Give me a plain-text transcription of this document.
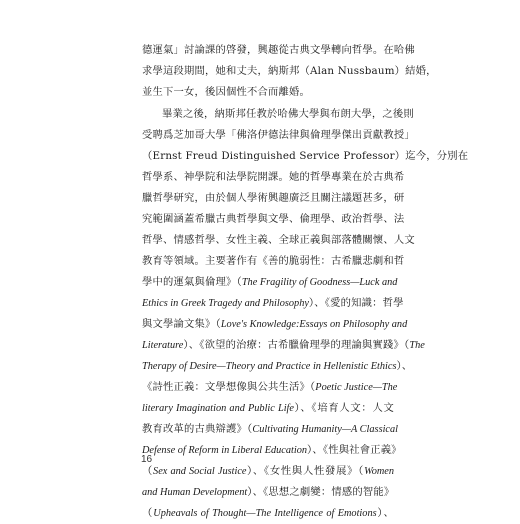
德運氣」討論課的啓發，興趣從古典文學轉向哲學。在哈佛
求學這段期間，她和丈夫，納斯邦（Alan Nussbaum）結婚，
並生下一女，後因個性不合而離婚。
畢業之後，納斯邦任教於哈佛大學與布朗大學，之後則
受聘爲芝加哥大學「佛洛伊德法律與倫理學傑出貢獻教授」
（Ernst Freud Distinguished Service Professor）迄今，分別在
哲學系、神學院和法學院開課。她的哲學專業在於古典希
臘哲學研究，由於個人學術興趣廣泛且關注議題甚多，研
究範圍涵蓋希臘古典哲學與文學、倫理學、政治哲學、法
哲學、情感哲學、女性主義、全球正義與部落體關懷、人文
教育等領域。主要著作有《善的脆弱性：古希臘悲劇和哲
學中的運氣與倫理》（The Fragility of Goodness—Luck and
Ethics in Greek Tragedy and Philosophy）、《愛的知識：哲學
與文學論文集》（Love's Knowledge:Essays on Philosophy and
Literature）、《欲望的治療：古希臘倫理學的理論與實踐》（The
Therapy of Desire—Theory and Practice in Hellenistic Ethics）、
《詩性正義：文學想像與公共生活》（Poetic Justice—The
literary Imagination and Public Life）、《培育人文：人文
教育改革的古典辯護》（Cultivating Humanity—A Classical
Defense of Reform in Liberal Education）、《性與社會正義》
（Sex and Social Justice）、《女性與人性發展》（Women
and Human Development）、《思想之劇變：情感的智能》
（Upheavals of Thought—The Intelligence of Emotions）、
16
